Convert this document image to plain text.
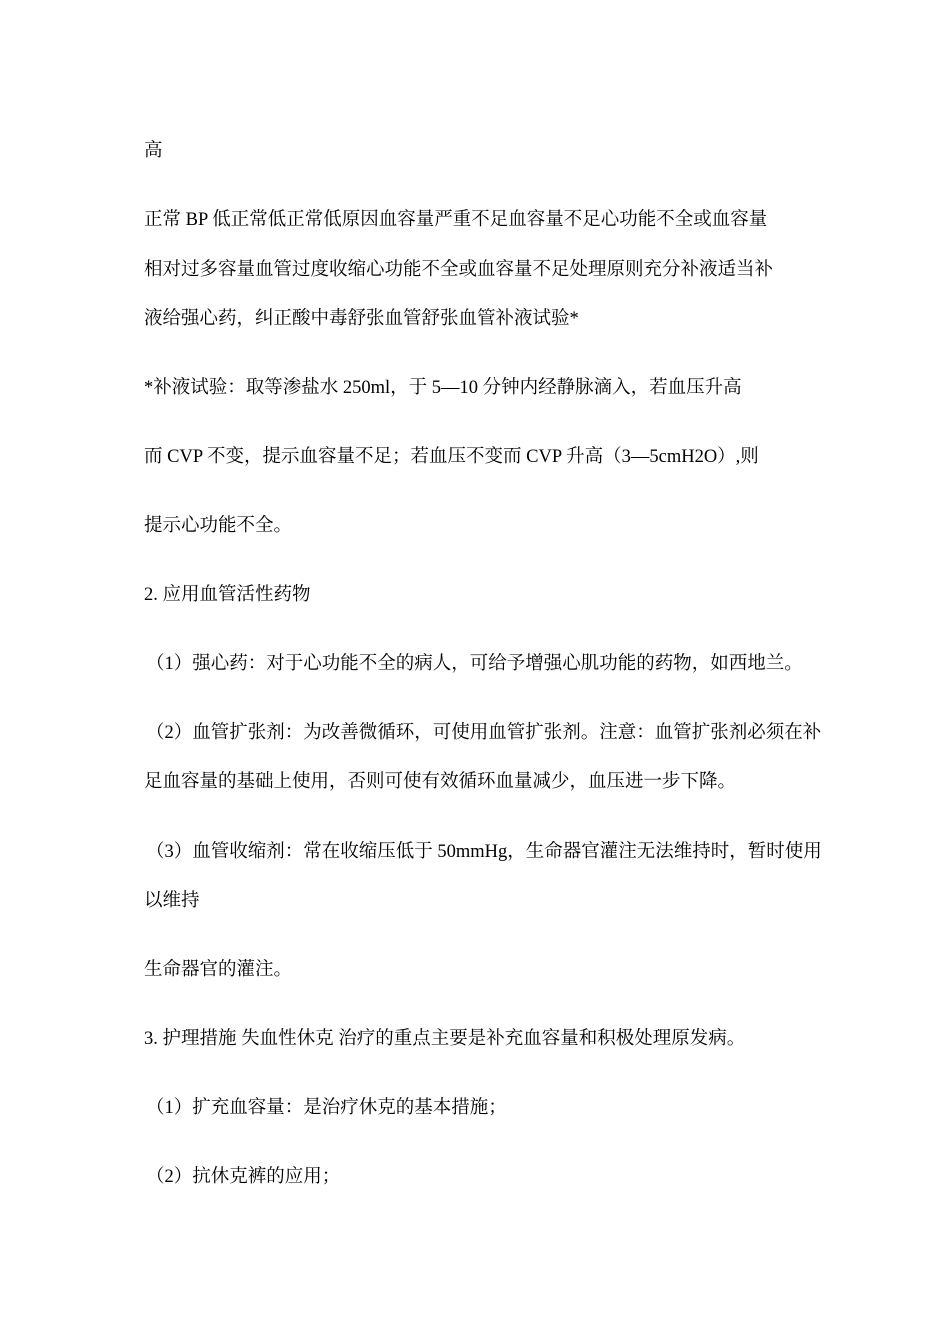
高
正常 BP 低正常低正常低原因血容量严重不足血容量不足心功能不全或血容量
相对过多容量血管过度收缩心功能不全或血容量不足处理原则充分补液适当补
液给强心药，纠正酸中毒舒张血管舒张血管补液试验*
*补液试验：取等渗盐水 250ml，于 5—10 分钟内经静脉滴入，若血压升高
而 CVP 不变，提示血容量不足；若血压不变而 CVP 升高（3—5cmH2O）,则
提示心功能不全。
2. 应用血管活性药物
（1）强心药：对于心功能不全的病人，可给予增强心肌功能的药物，如西地兰。
（2）血管扩张剂：为改善微循环，可使用血管扩张剂。注意：血管扩张剂必须在补
足血容量的基础上使用，否则可使有效循环血量减少，血压进一步下降。
（3）血管收缩剂：常在收缩压低于 50mmHg，生命器官灌注无法维持时，暂时使用
以维持
生命器官的灌注。
3. 护理措施 失血性休克 治疗的重点主要是补充血容量和积极处理原发病。
（1）扩充血容量：是治疗休克的基本措施；
（2）抗休克裤的应用；
